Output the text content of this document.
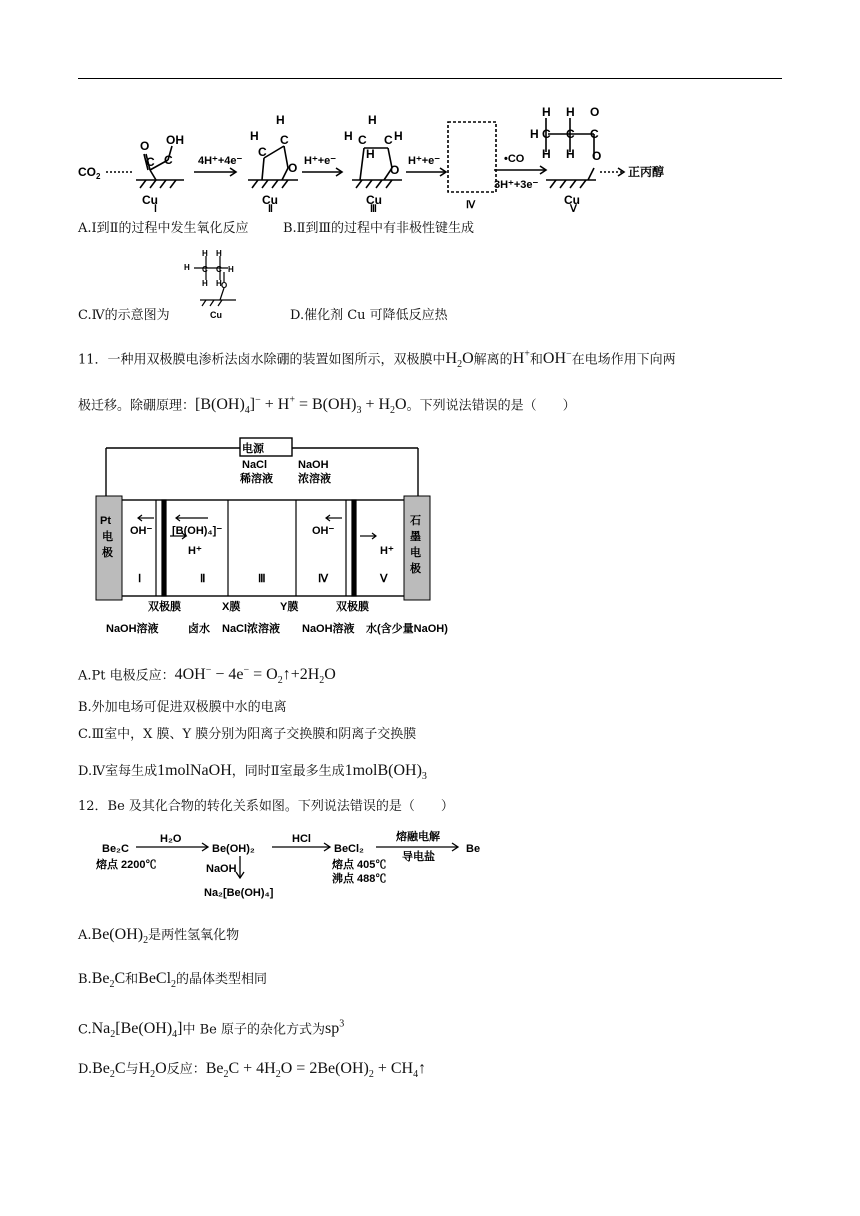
CO 2
Cu
Ⅰ
O OH
C C 4H⁺+4e⁻
Cu
Ⅱ
H
H
C
C
O H⁺+e⁻
Cu
Ⅲ
H
H C C
O
H
H
H⁺+e⁻
Ⅳ
•CO
3H⁺+3e⁻
Cu
Ⅴ
H H O
H C C C
H H O
正丙醇
A.Ⅰ到Ⅱ的过程中发生氧化反应	B.Ⅱ到Ⅲ的过程中有非极性键生成
H
H H
C C H
H H O
Cu
C.Ⅳ的示意图为	D.催化剂 Cu 可降低反应热
11．一种用双极膜电渗析法卤水除硼的装置如图所示，双极膜中$H_2O$解离的H+和OH−在电场作用下向两
极迁移。除硼原理：$[B(OH)_4]^- + H^+ = B(OH)_3 + H_2O$。下列说法错误的是（　　）
电源
NaCl
稀溶液
NaOH
浓溶液
Pt
电
极
石
墨
电
极
OH⁻ [B(OH)₄]⁻
H⁺
OH⁻
H⁺
Ⅰ	Ⅱ	Ⅲ	Ⅳ	Ⅴ
双极膜	X膜	Y膜	双极膜
NaOH溶液	卤水 NaCl浓溶液 NaOH溶液 水(含少量NaOH)
A.Pt 电极反应：$4OH^- - 4e^- = O_2↑+2H_2O$
B.外加电场可促进双极膜中水的电离
C.Ⅲ室中，X 膜、Y 膜分别为阳离子交换膜和阴离子交换膜
D.Ⅳ室每生成1molNaOH，同时Ⅱ室最多生成$1molB(OH)_3$
12．Be 及其化合物的转化关系如图。下列说法错误的是（　　）
Be₂C
熔点 2200℃
H₂O
Be(OH)₂
HCl
BeCl₂
熔点 405℃
沸点 488℃
熔融电解
导电盐
Be
NaOH
Na₂[Be(OH)₄]
$A.Be(OH)_2$是两性氢氧化物
$B.Be_2C$和BeCl$_2$的晶体类型相同
$C.Na_2[Be(OH)_4]$中 Be 原子的杂化方式为$sp^3$
$D.Be_2C$与$H_2O$反应：$Be_2C + 4H_2O = 2Be(OH)_2$ + $CH_4↑$
